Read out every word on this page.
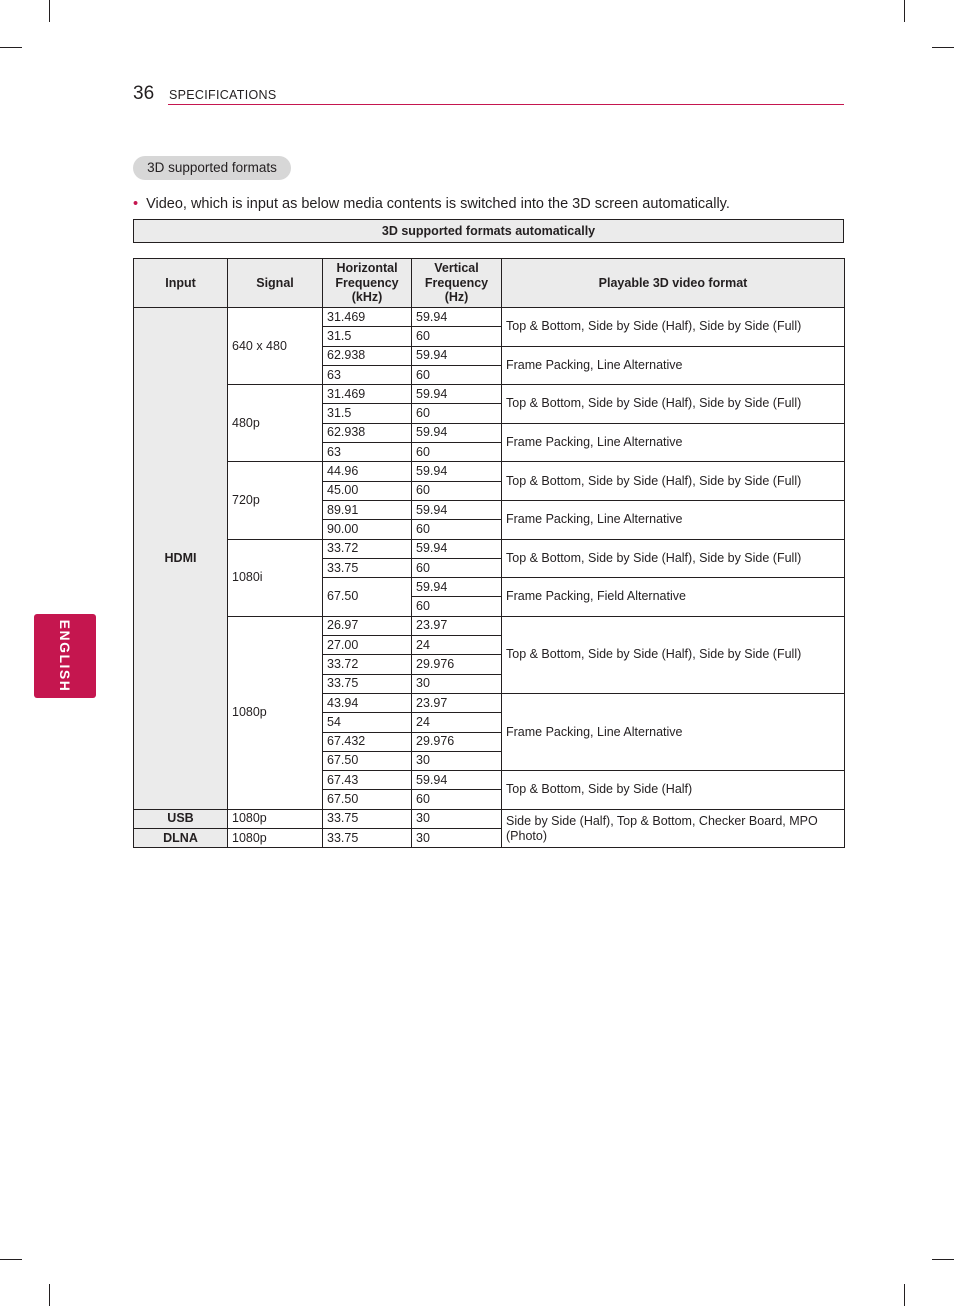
36 SPECIFICATIONS
ENGLISH
3D supported formats
• Video, which is input as below media contents is switched into the 3D screen automatically.
3D supported formats automatically
Input	Signal	Horizontal Frequency (kHz)	Vertical Frequency (Hz)	Playable 3D video format
HDMI	640 x 480	31.469	59.94	Top & Bottom, Side by Side (Half), Side by Side (Full)
		31.5	60	
		62.938	59.94	Frame Packing, Line Alternative
		63	60	
	480p	31.469	59.94	Top & Bottom, Side by Side (Half), Side by Side (Full)
		31.5	60	
		62.938	59.94	Frame Packing, Line Alternative
		63	60	
	720p	44.96	59.94	Top & Bottom, Side by Side (Half), Side by Side (Full)
		45.00	60	
		89.91	59.94	Frame Packing, Line Alternative
		90.00	60	
	1080i	33.72	59.94	Top & Bottom, Side by Side (Half), Side by Side (Full)
		33.75	60	
		67.50	59.94	Frame Packing, Field Alternative
			60	
	1080p	26.97	23.97	Top & Bottom, Side by Side (Half), Side by Side (Full)
		27.00	24	
		33.72	29.976	
		33.75	30	
		43.94	23.97	Frame Packing, Line Alternative
		54	24	
		67.432	29.976	
		67.50	30	
		67.43	59.94	Top & Bottom, Side by Side (Half)
		67.50	60	
USB	1080p	33.75	30	Side by Side (Half), Top & Bottom, Checker Board, MPO (Photo)
DLNA	1080p	33.75	30	
